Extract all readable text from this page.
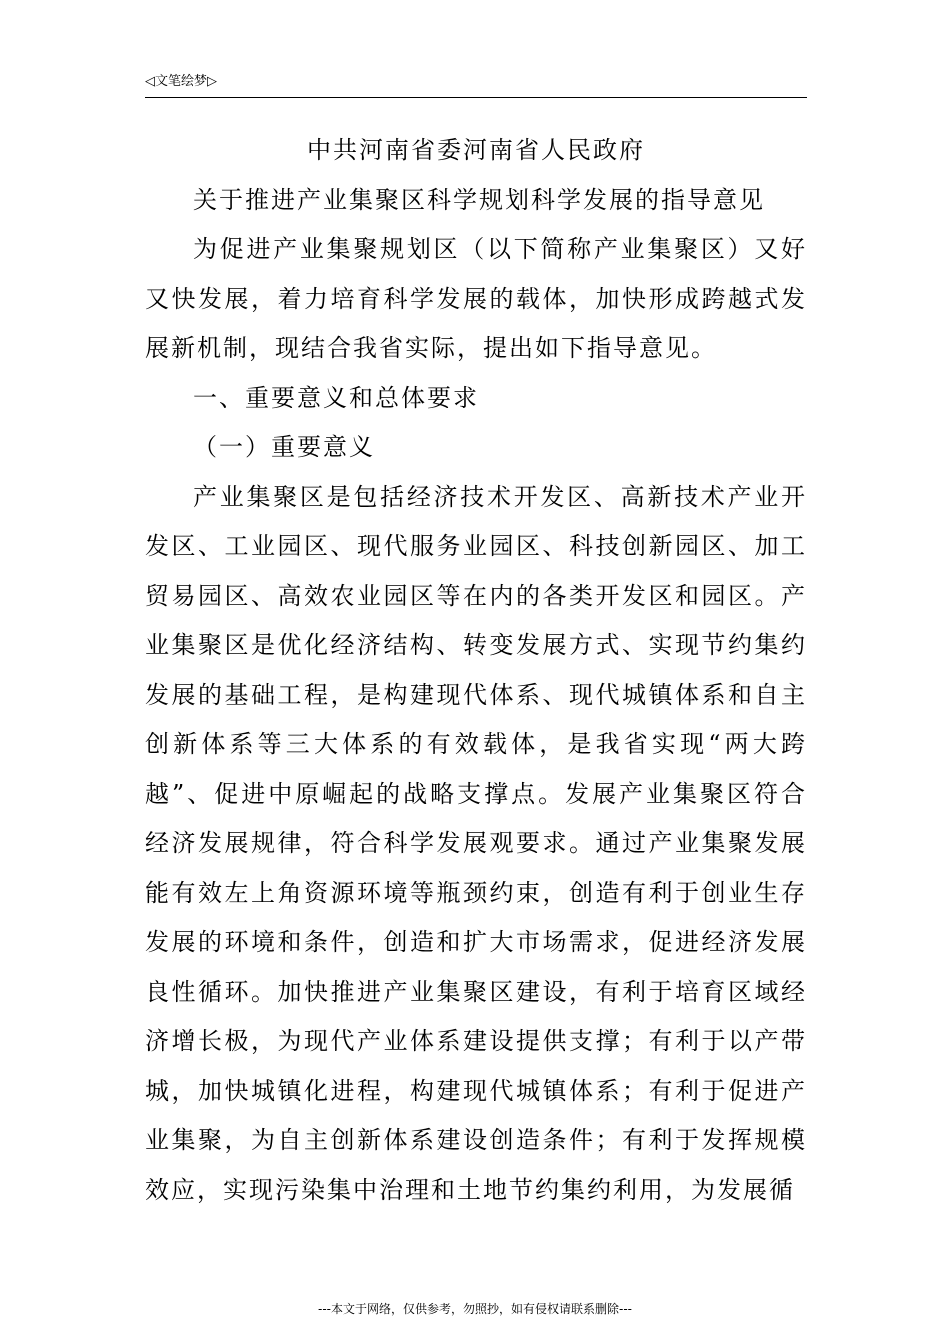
◁文笔绘梦▷
中共河南省委河南省人民政府
关于推进产业集聚区科学规划科学发展的指导意见

为促进产业集聚规划区（以下简称产业集聚区）又好又快发展，着力培育科学发展的载体，加快形成跨越式发展新机制，现结合我省实际，提出如下指导意见。

一、重要意义和总体要求

（一）重要意义

产业集聚区是包括经济技术开发区、高新技术产业开发区、工业园区、现代服务业园区、科技创新园区、加工贸易园区、高效农业园区等在内的各类开发区和园区。产业集聚区是优化经济结构、转变发展方式、实现节约集约发展的基础工程，是构建现代体系、现代城镇体系和自主创新体系等三大体系的有效载体，是我省实现“两大跨越”、促进中原崛起的战略支撑点。发展产业集聚区符合经济发展规律，符合科学发展观要求。通过产业集聚发展能有效左上角资源环境等瓶颈约束，创造有利于创业生存发展的环境和条件，创造和扩大市场需求，促进经济发展良性循环。加快推进产业集聚区建设，有利于培育区域经济增长极，为现代产业体系建设提供支撑；有利于以产带城，加快城镇化进程，构建现代城镇体系；有利于促进产业集聚，为自主创新体系建设创造条件；有利于发挥规模效应，实现污染集中治理和土地节约集约利用，为发展循

---本文于网络，仅供参考，勿照抄，如有侵权请联系删除---
